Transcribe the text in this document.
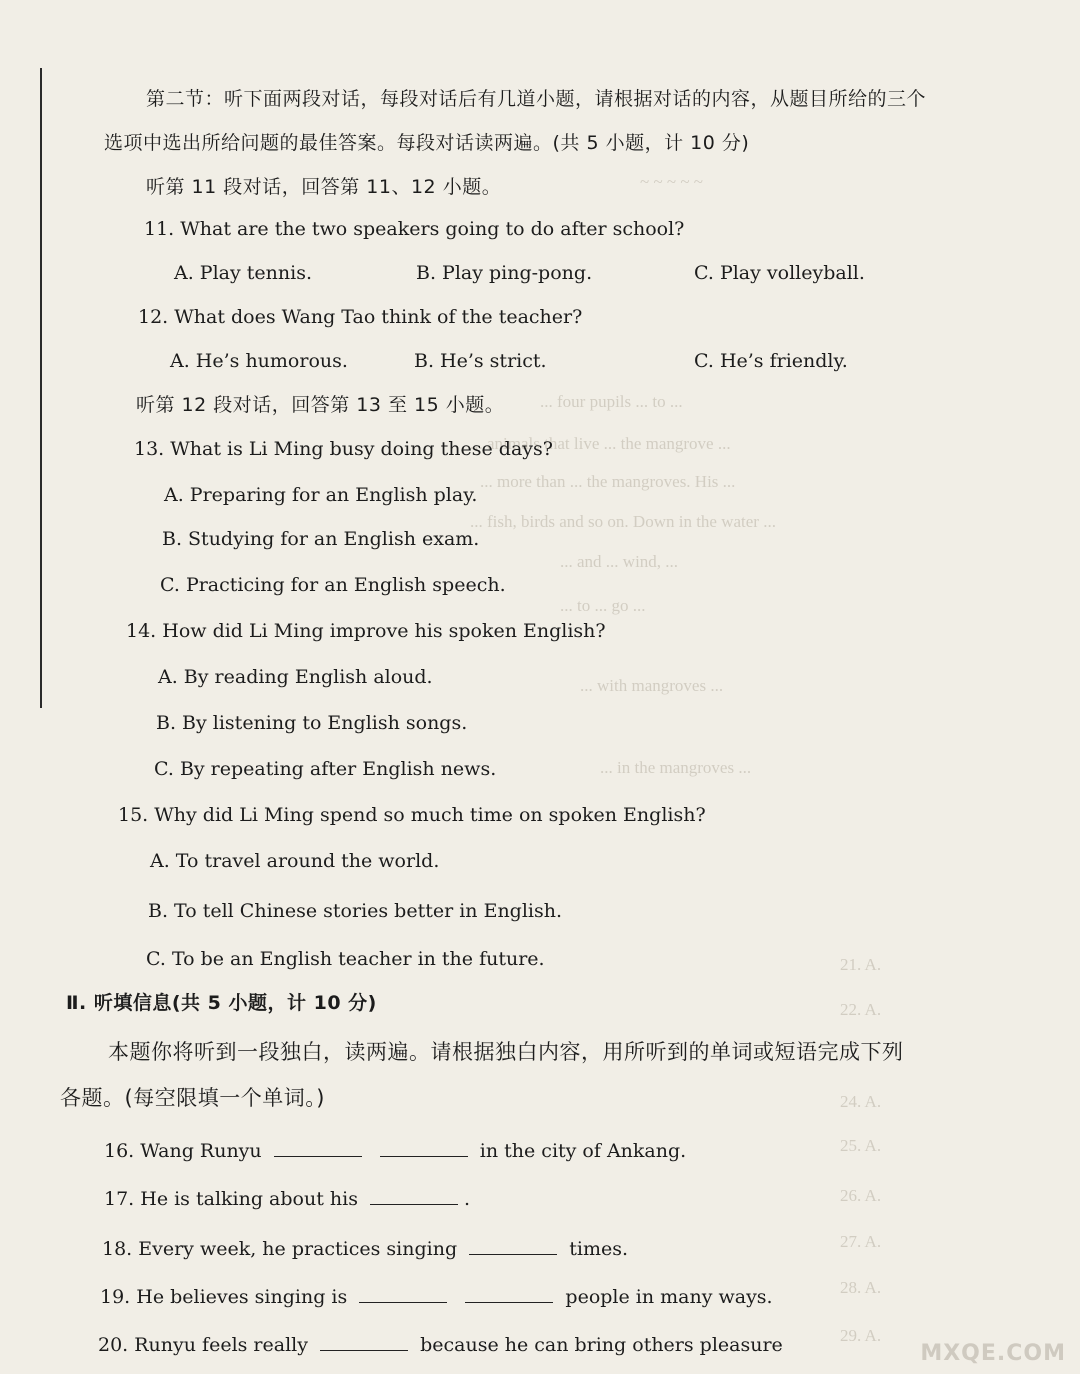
~ ~ ~ ~ ~
... four pupils ... to ...
... animals that live ... the mangrove ...
... more than ... the mangroves. His ...
... fish, birds and so on. Down in the water ...
... and ... wind, ...
... to ... go ...
... with mangroves ...
... in the mangroves ...
21. A.
22. A.
24. A.
25. A.
26. A.
27. A.
28. A.
29. A.
第二节：听下面两段对话，每段对话后有几道小题，请根据对话的内容，从题目所给的三个
选项中选出所给问题的最佳答案。每段对话读两遍。(共 5 小题，计 10 分)
听第 11 段对话，回答第 11、12 小题。
11. What are the two speakers going to do after school?
A. Play tennis.	B. Play ping-pong.	C. Play volleyball.
12. What does Wang Tao think of the teacher?
A. He’s humorous.	B. He’s strict.	C. He’s friendly.
听第 12 段对话，回答第 13 至 15 小题。
13. What is Li Ming busy doing these days?
A. Preparing for an English play.
B. Studying for an English exam.
C. Practicing for an English speech.
14. How did Li Ming improve his spoken English?
A. By reading English aloud.
B. By listening to English songs.
C. By repeating after English news.
15. Why did Li Ming spend so much time on spoken English?
A. To travel around the world.
B. To tell Chinese stories better in English.
C. To be an English teacher in the future.
Ⅱ. 听填信息(共 5 小题，计 10 分)
本题你将听到一段独白，读两遍。请根据独白内容，用所听到的单词或短语完成下列
各题。(每空限填一个单词。)
16. Wang Runyu	in the city of Ankang.
17. He is talking about his	.
18. Every week, he practices singing	times.
19. He believes singing is	people in many ways.
20. Runyu feels really	because he can bring others pleasure	MXQE.COM
